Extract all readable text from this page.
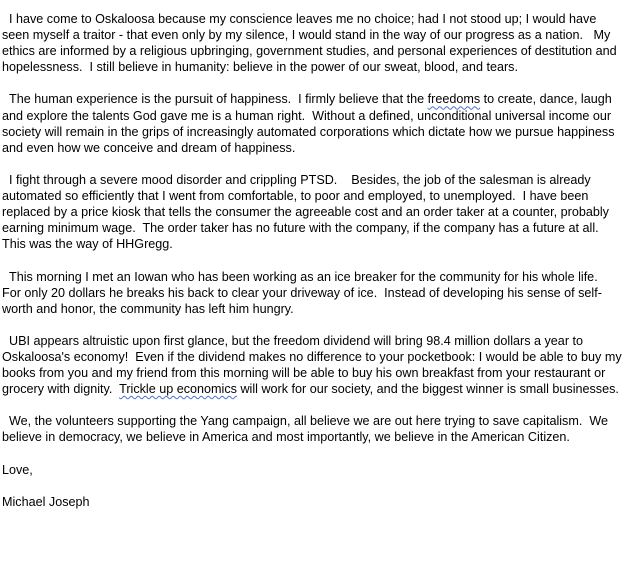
I have come to Oskaloosa because my conscience leaves me no choice; had I not stood up; I would have seen myself a traitor - that even only by my silence, I would stand in the way of our progress as a nation.   My ethics are informed by a religious upbringing, government studies, and personal experiences of destitution and hopelessness.  I still believe in humanity: believe in the power of our sweat, blood, and tears.

The human experience is the pursuit of happiness.  I firmly believe that the freedoms to create, dance, laugh and explore the talents God gave me is a human right.  Without a defined, unconditional universal income our society will remain in the grips of increasingly automated corporations which dictate how we pursue happiness and even how we conceive and dream of happiness.

I fight through a severe mood disorder and crippling PTSD.    Besides, the job of the salesman is already automated so efficiently that I went from comfortable, to poor and employed, to unemployed.  I have been replaced by a price kiosk that tells the consumer the agreeable cost and an order taker at a counter, probably earning minimum wage.  The order taker has no future with the company, if the company has a future at all.   This was the way of HHGregg.

This morning I met an Iowan who has been working as an ice breaker for the community for his whole life.   For only 20 dollars he breaks his back to clear your driveway of ice.  Instead of developing his sense of self-worth and honor, the community has left him hungry.

UBI appears altruistic upon first glance, but the freedom dividend will bring 98.4 million dollars a year to Oskaloosa's economy!  Even if the dividend makes no difference to your pocketbook: I would be able to buy my books from you and my friend from this morning will be able to buy his own breakfast from your restaurant or grocery with dignity.  Trickle up economics will work for our society, and the biggest winner is small businesses.

We, the volunteers supporting the Yang campaign, all believe we are out here trying to save capitalism.  We believe in democracy, we believe in America and most importantly, we believe in the American Citizen.

Love,

Michael Joseph
